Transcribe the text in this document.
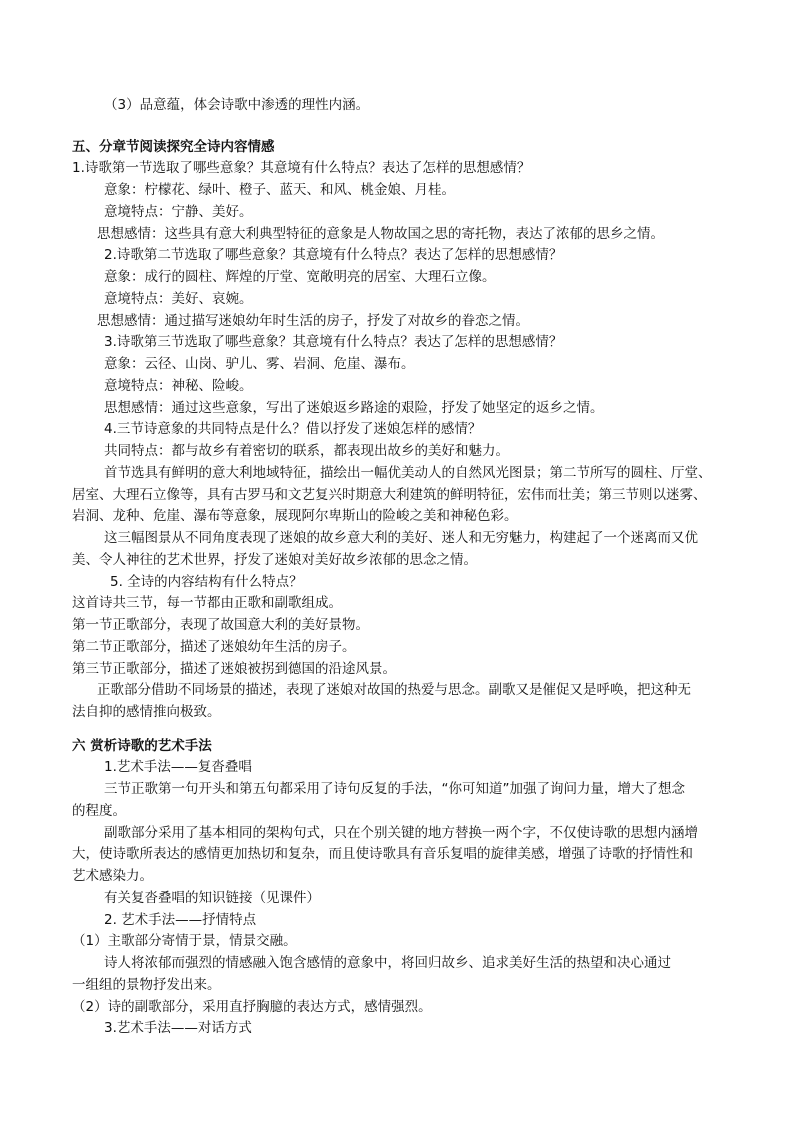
（3）品意蕴，体会诗歌中渗透的理性内涵。
五、分章节阅读探究全诗内容情感
1.诗歌第一节选取了哪些意象？其意境有什么特点？表达了怎样的思想感情？
意象：柠檬花、绿叶、橙子、蓝天、和风、桃金娘、月桂。
意境特点：宁静、美好。
思想感情：这些具有意大利典型特征的意象是人物故国之思的寄托物，表达了浓郁的思乡之情。
2.诗歌第二节选取了哪些意象？其意境有什么特点？表达了怎样的思想感情？
意象：成行的圆柱、辉煌的厅堂、宽敞明亮的居室、大理石立像。
意境特点：美好、哀婉。
思想感情：通过描写迷娘幼年时生活的房子，抒发了对故乡的眷恋之情。
3.诗歌第三节选取了哪些意象？其意境有什么特点？表达了怎样的思想感情？
意象：云径、山岗、驴儿、雾、岩洞、危崖、瀑布。
意境特点：神秘、险峻。
思想感情：通过这些意象，写出了迷娘返乡路途的艰险，抒发了她坚定的返乡之情。
4.三节诗意象的共同特点是什么？借以抒发了迷娘怎样的感情？
共同特点：都与故乡有着密切的联系，都表现出故乡的美好和魅力。
首节选具有鲜明的意大利地域特征，描绘出一幅优美动人的自然风光图景；第二节所写的圆柱、厅堂、
居室、大理石立像等，具有古罗马和文艺复兴时期意大利建筑的鲜明特征，宏伟而壮美；第三节则以迷雾、
岩洞、龙种、危崖、瀑布等意象，展现阿尔卑斯山的险峻之美和神秘色彩。
这三幅图景从不同角度表现了迷娘的故乡意大利的美好、迷人和无穷魅力，构建起了一个迷离而又优
美、令人神往的艺术世界，抒发了迷娘对美好故乡浓郁的思念之情。
5. 全诗的内容结构有什么特点？
这首诗共三节，每一节都由正歌和副歌组成。
第一节正歌部分，表现了故国意大利的美好景物。
第二节正歌部分，描述了迷娘幼年生活的房子。
第三节正歌部分，描述了迷娘被拐到德国的沿途风景。
正歌部分借助不同场景的描述，表现了迷娘对故国的热爱与思念。副歌又是催促又是呼唤，把这种无
法自抑的感情推向极致。
六 赏析诗歌的艺术手法
1.艺术手法——复沓叠唱
三节正歌第一句开头和第五句都采用了诗句反复的手法，“你可知道”加强了询问力量，增大了想念
的程度。
副歌部分采用了基本相同的架构句式，只在个别关键的地方替换一两个字，不仅使诗歌的思想内涵增
大，使诗歌所表达的感情更加热切和复杂，而且使诗歌具有音乐复唱的旋律美感，增强了诗歌的抒情性和
艺术感染力。
有关复沓叠唱的知识链接（见课件）
2. 艺术手法——抒情特点
（1）主歌部分寄情于景，情景交融。
诗人将浓郁而强烈的情感融入饱含感情的意象中，将回归故乡、追求美好生活的热望和决心通过
一组组的景物抒发出来。
（2）诗的副歌部分，采用直抒胸臆的表达方式，感情强烈。
3.艺术手法——对话方式
